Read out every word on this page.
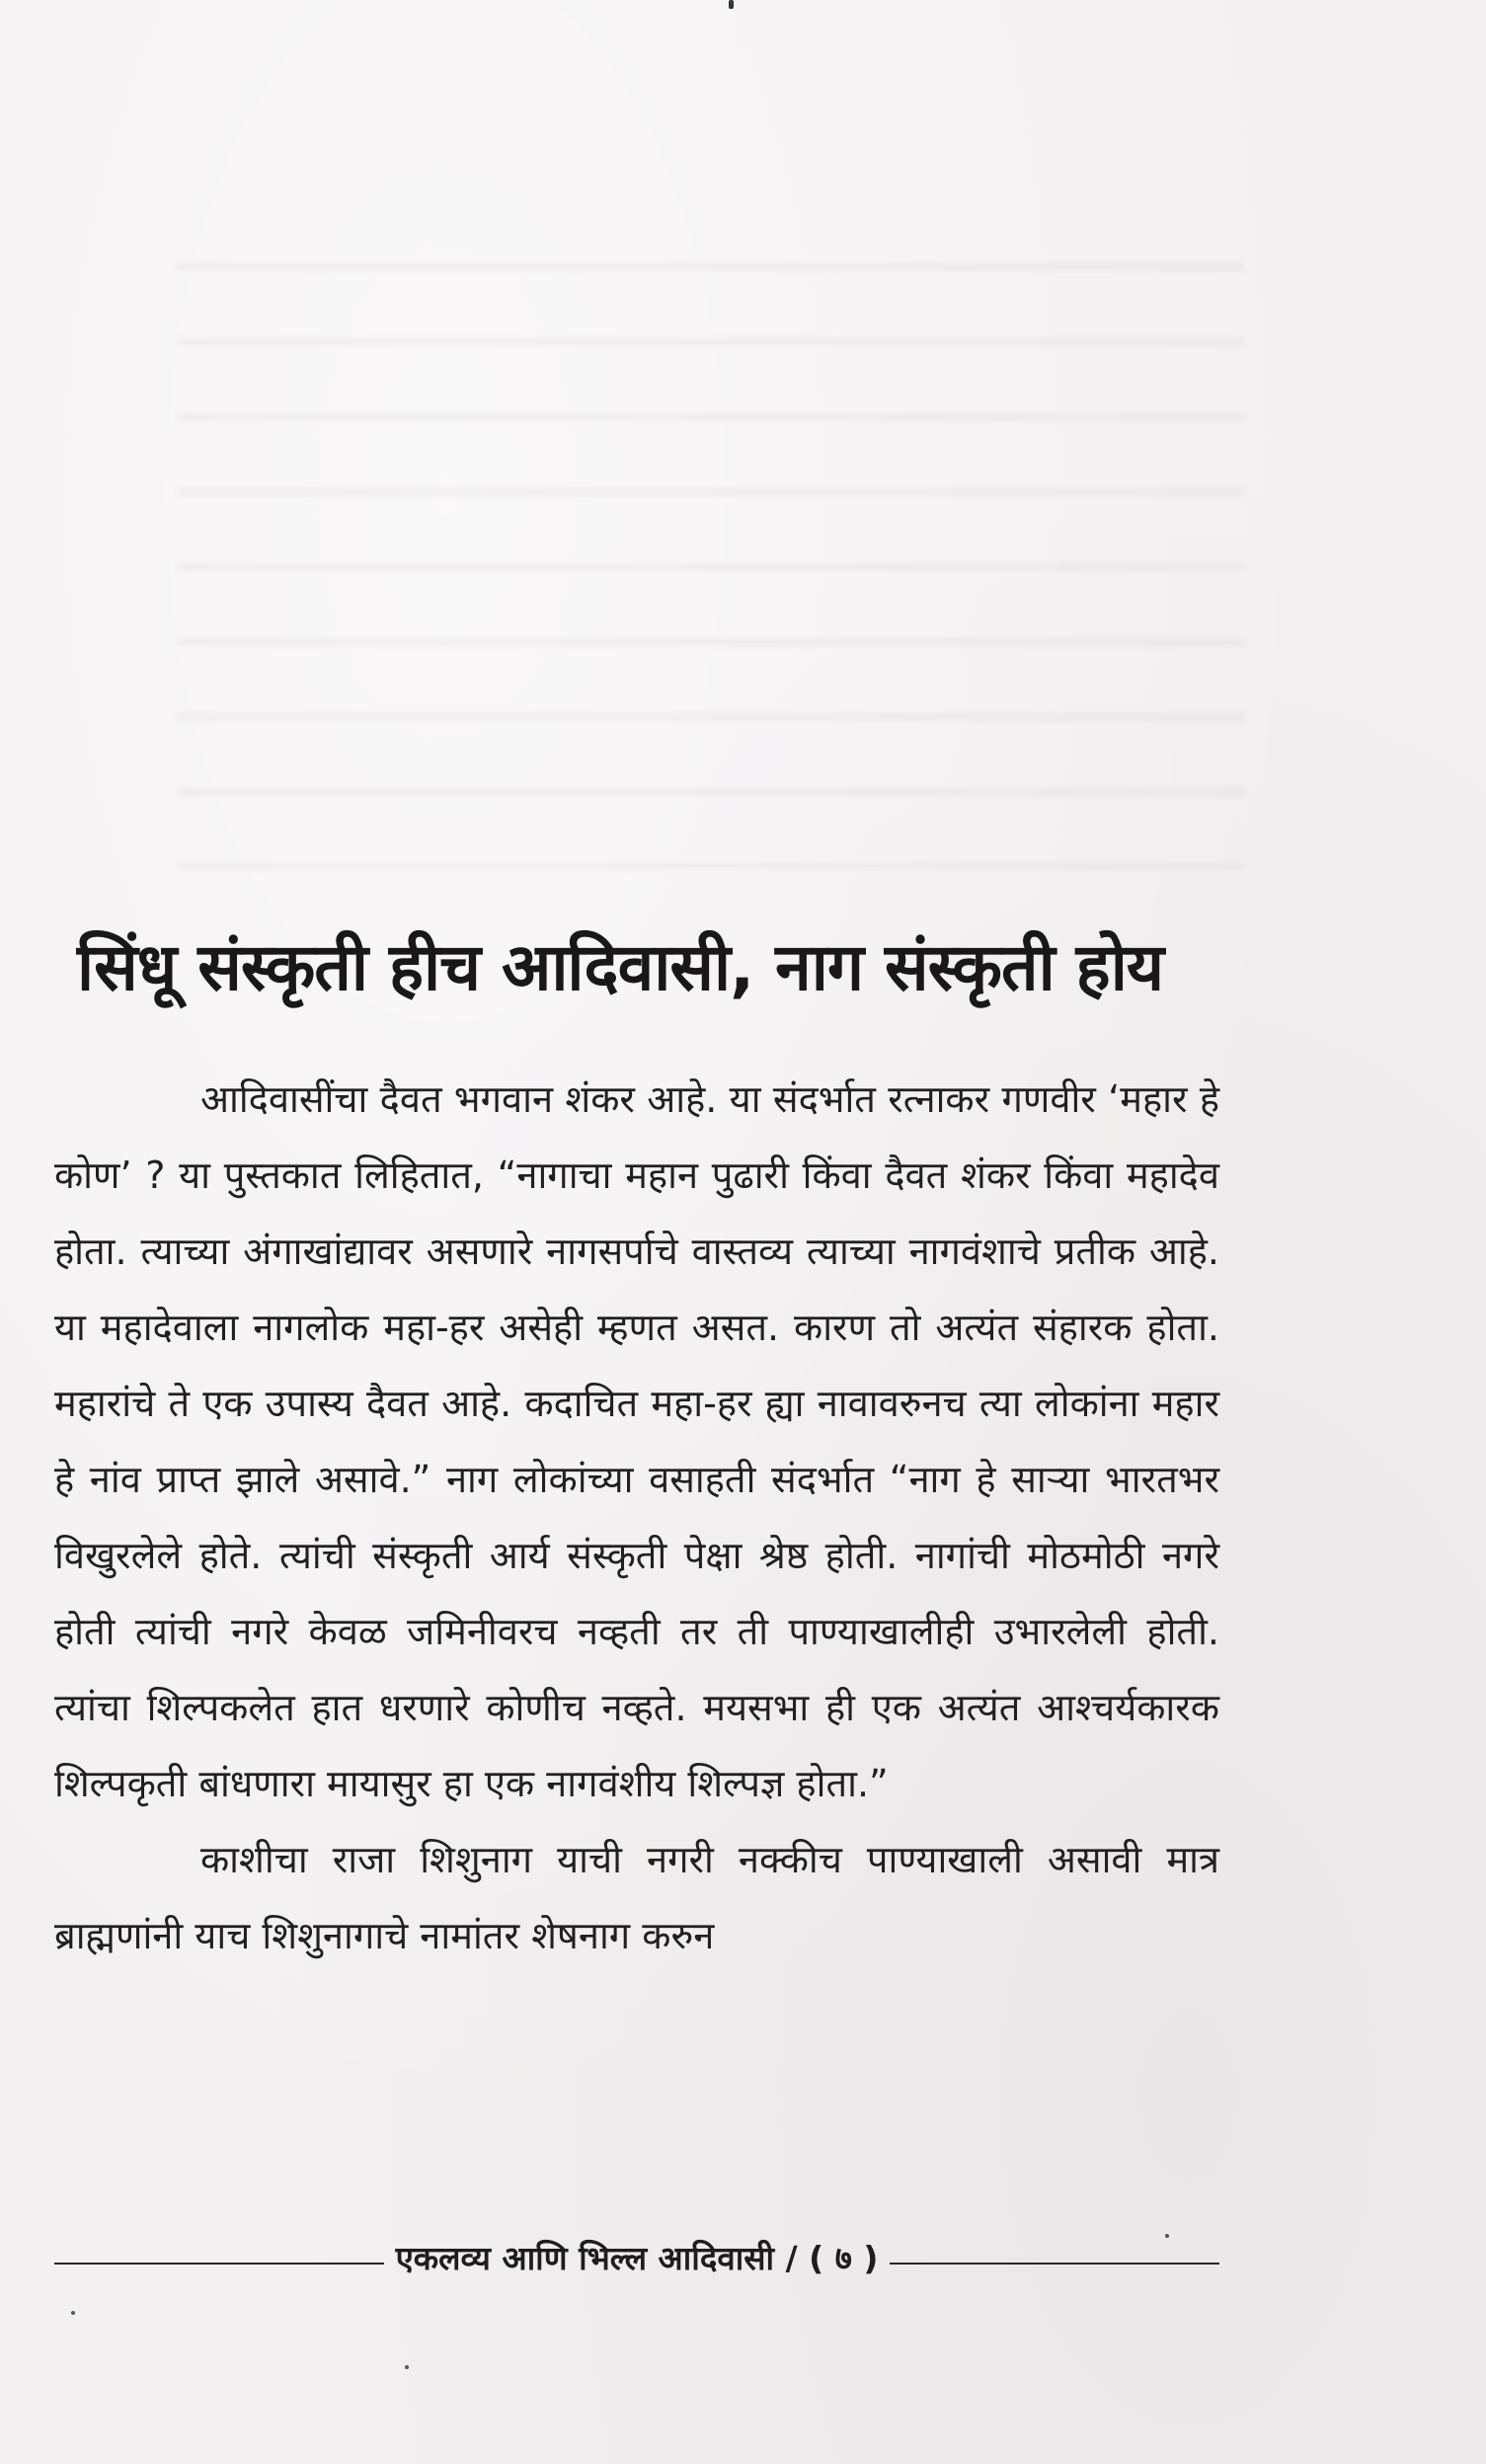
सिंधू संस्कृती हीच आदिवासी, नाग संस्कृती होय

आदिवासींचा दैवत भगवान शंकर आहे. या संदर्भात रत्नाकर गणवीर ‘महार हे कोण’ ? या पुस्तकात लिहितात, “नागाचा महान पुढारी किंवा दैवत शंकर किंवा महादेव होता. त्याच्या अंगाखांद्यावर असणारे नागसर्पाचे वास्तव्य त्याच्या नागवंशाचे प्रतीक आहे. या महादेवाला नागलोक महा-हर असेही म्हणत असत. कारण तो अत्यंत संहारक होता. महारांचे ते एक उपास्य दैवत आहे. कदाचित महा-हर ह्या नावावरुनच त्या लोकांना महार हे नांव प्राप्त झाले असावे.” नाग लोकांच्या वसाहती संदर्भात “नाग हे साऱ्या भारतभर विखुरलेले होते. त्यांची संस्कृती आर्य संस्कृती पेक्षा श्रेष्ठ होती. नागांची मोठमोठी नगरे होती त्यांची नगरे केवळ जमिनीवरच नव्हती तर ती पाण्याखालीही उभारलेली होती. त्यांचा शिल्पकलेत हात धरणारे कोणीच नव्हते. मयसभा ही एक अत्यंत आश्चर्यकारक शिल्पकृती बांधणारा मायासुर हा एक नागवंशीय शिल्पज्ञ होता.”

काशीचा राजा शिशुनाग याची नगरी नक्कीच पाण्याखाली असावी मात्र ब्राह्मणांनी याच शिशुनागाचे नामांतर शेषनाग करुन

एकलव्य आणि भिल्ल आदिवासी / ( ७ )
